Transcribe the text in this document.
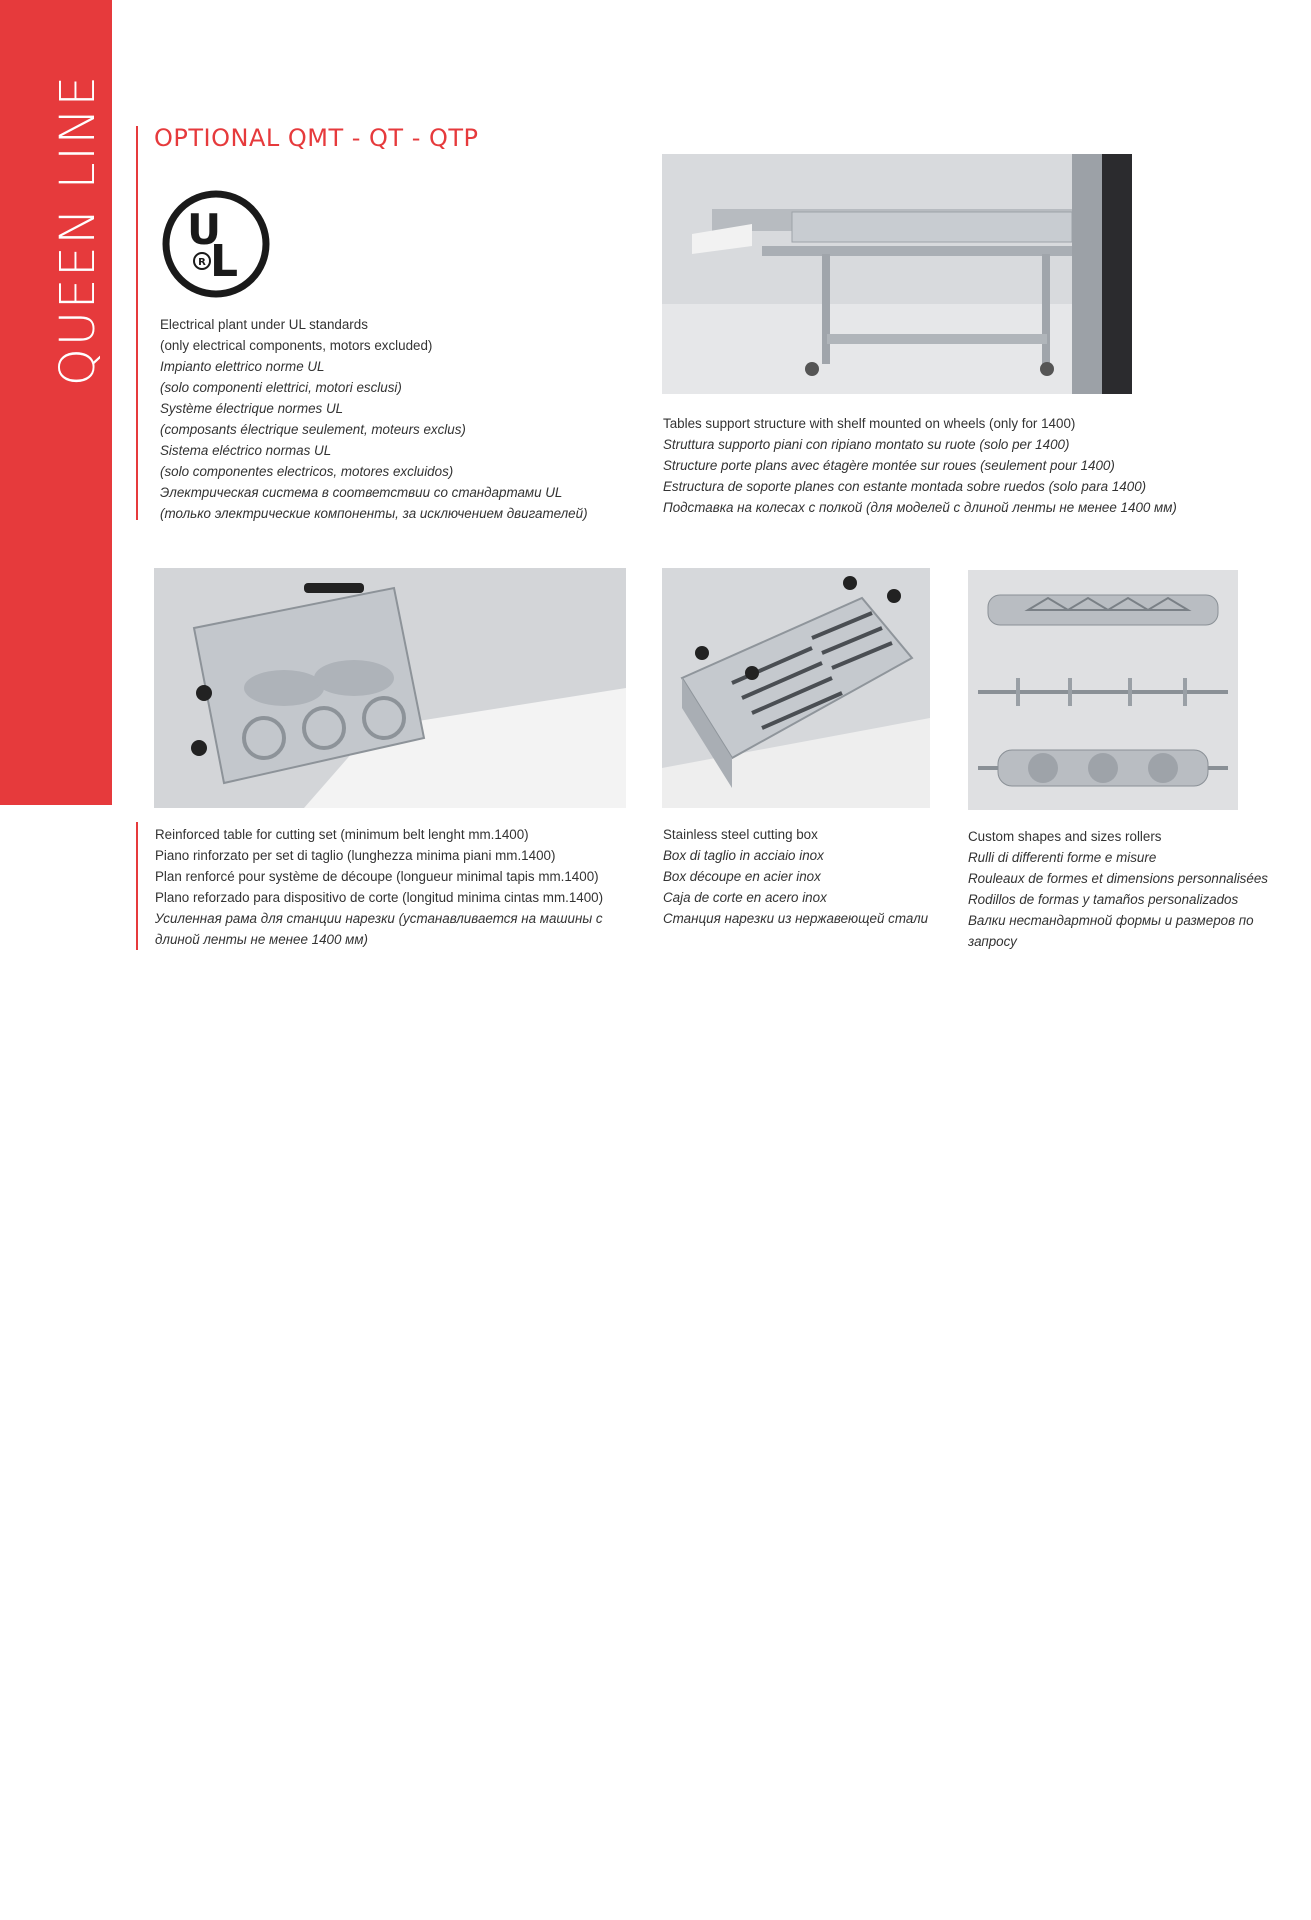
QUEEN LINE OPTIONAL QMT - QT - QTP
U
L
R
Electrical plant under UL standards
(only electrical components, motors excluded)
Impianto elettrico norme UL
(solo componenti elettrici, motori esclusi)
Système électrique normes UL
(composants électrique seulement, moteurs exclus)
Sistema eléctrico normas UL
(solo componentes electricos, motores excluidos)
Электрическая система в соответствии со стандартами UL
(только электрические компоненты, за исключением двигателей)
Tables support structure with shelf mounted on wheels (only for 1400)
Struttura supporto piani con ripiano montato su ruote (solo per 1400)
Structure porte plans avec étagère montée sur roues (seulement pour 1400)
Estructura de soporte planes con estante montada sobre ruedos (solo para 1400)
Подставка на колесах с полкой (для моделей с длиной ленты не менее 1400 мм)
Reinforced table for cutting set (minimum belt lenght mm.1400)
Piano rinforzato per set di taglio (lunghezza minima piani mm.1400)
Plan renforcé pour système de découpe (longueur minimal tapis mm.1400)
Plano reforzado para dispositivo de corte (longitud minima cintas mm.1400)
Усиленная рама для станции нарезки (устанавливается на машины с
длиной ленты не менее 1400 мм)
Stainless steel cutting box
Box di taglio in acciaio inox
Box découpe en acier inox
Caja de corte en acero inox
Станция нарезки из нержавеющей стали
Custom shapes and sizes rollers
Rulli di differenti forme e misure
Rouleaux de formes et dimensions personnalisées
Rodillos de formas y tamaños personalizados
Валки нестандартной формы и размеров по
запросу
